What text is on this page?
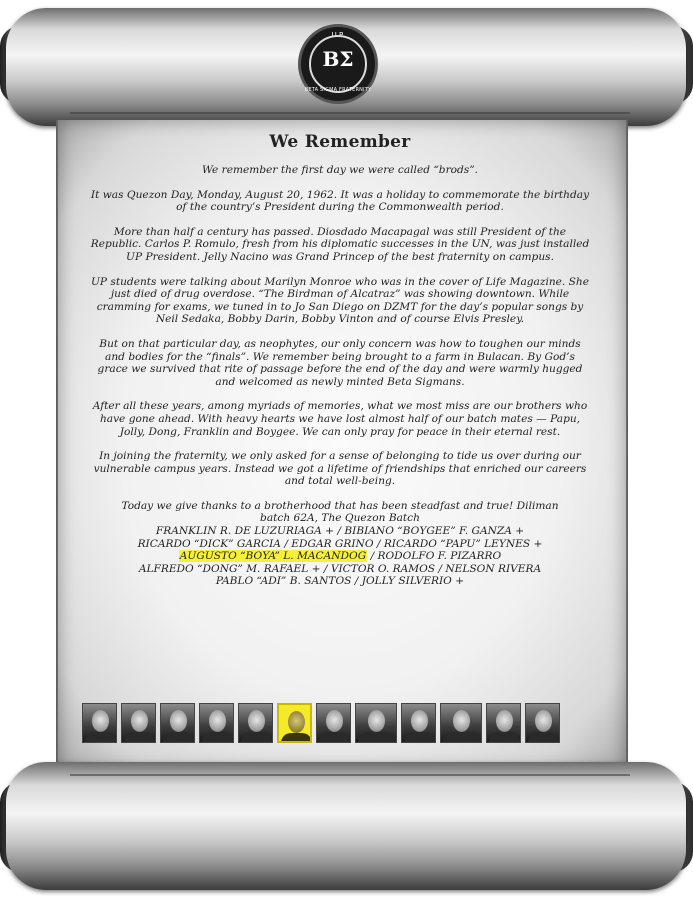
U.P.
BΣ
BETA SIGMA FRATERNITY
We Remember

We remember the first day we were called “brods”.

It was Quezon Day, Monday, August 20, 1962. It was a holiday to commemorate the birthday of the country’s President during the Commonwealth period.

More than half a century has passed. Diosdado Macapagal was still President of the Republic. Carlos P. Romulo, fresh from his diplomatic successes in the UN, was just installed UP President. Jelly Nacino was Grand Princep of the best fraternity on campus.

UP students were talking about Marilyn Monroe who was in the cover of Life Magazine. She just died of drug overdose. “The Birdman of Alcatraz” was showing downtown. While cramming for exams, we tuned in to Jo San Diego on DZMT for the day’s popular songs by Neil Sedaka, Bobby Darin, Bobby Vinton and of course Elvis Presley.

But on that particular day, as neophytes, our only concern was how to toughen our minds and bodies for the “finals”. We remember being brought to a farm in Bulacan. By God’s grace we survived that rite of passage before the end of the day and were warmly hugged and welcomed as newly minted Beta Sigmans.

After all these years, among myriads of memories, what we most miss are our brothers who have gone ahead. With heavy hearts we have lost almost half of our batch mates — Papu, Jolly, Dong, Franklin and Boygee. We can only pray for peace in their eternal rest.

In joining the fraternity, we only asked for a sense of belonging to tide us over during our vulnerable campus years. Instead we got a lifetime of friendships that enriched our careers and total well-being.

Today we give thanks to a brotherhood that has been steadfast and true! Diliman
batch 62A, The Quezon Batch
FRANKLIN R. DE LUZURIAGA + / BIBIANO “BOYGEE” F. GANZA +
RICARDO “DICK” GARCIA / EDGAR GRINO / RICARDO “PAPU” LEYNES +
AUGUSTO “BOYA” L. MACANDOG / RODOLFO F. PIZARRO
ALFREDO “DONG” M. RAFAEL + / VICTOR O. RAMOS / NELSON RIVERA
PABLO “ADI” B. SANTOS / JOLLY SILVERIO +
